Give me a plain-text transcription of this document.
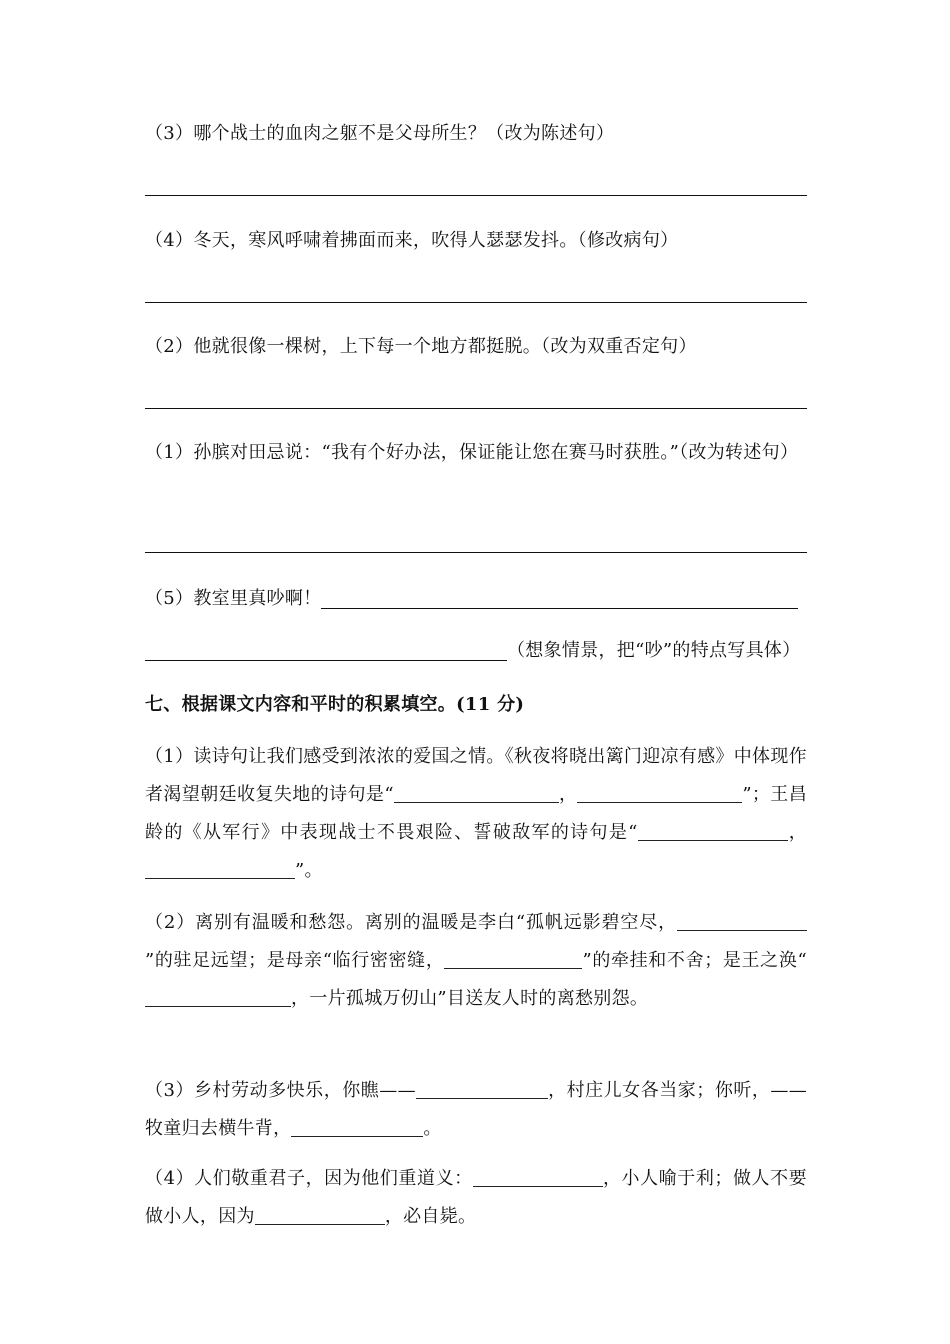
（3）哪个战士的血肉之躯不是父母所生？（改为陈述句）
（4）冬天，寒风呼啸着拂面而来，吹得人瑟瑟发抖。（修改病句）
（2）他就很像一棵树，上下每一个地方都挺脱。（改为双重否定句）
（1）孙膑对田忌说：“我有个好办法，保证能让您在赛马时获胜。”（改为转述句）
（5）教室里真吵啊！
（想象情景，把“吵”的特点写具体）
七、根据课文内容和平时的积累填空。(11 分)
（1）读诗句让我们感受到浓浓的爱国之情。《秋夜将晓出篱门迎凉有感》中体现作者渴望朝廷收复失地的诗句是“	，	”；王昌龄的《从军行》中表现战士不畏艰险、誓破敌军的诗句是“	，”。
（2）离别有温暖和愁怨。离别的温暖是李白“孤帆远影碧空尽，”的驻足远望；是母亲“临行密密缝，	”的牵挂和不舍；是王之涣“，一片孤城万仞山”目送友人时的离愁别怨。
（3）乡村劳动多快乐，你瞧——	，村庄儿女各当家；你听，——牧童归去横牛背，	。
（4）人们敬重君子，因为他们重道义：	，小人喻于利；做人不要做小人，因为	，必自毙。
